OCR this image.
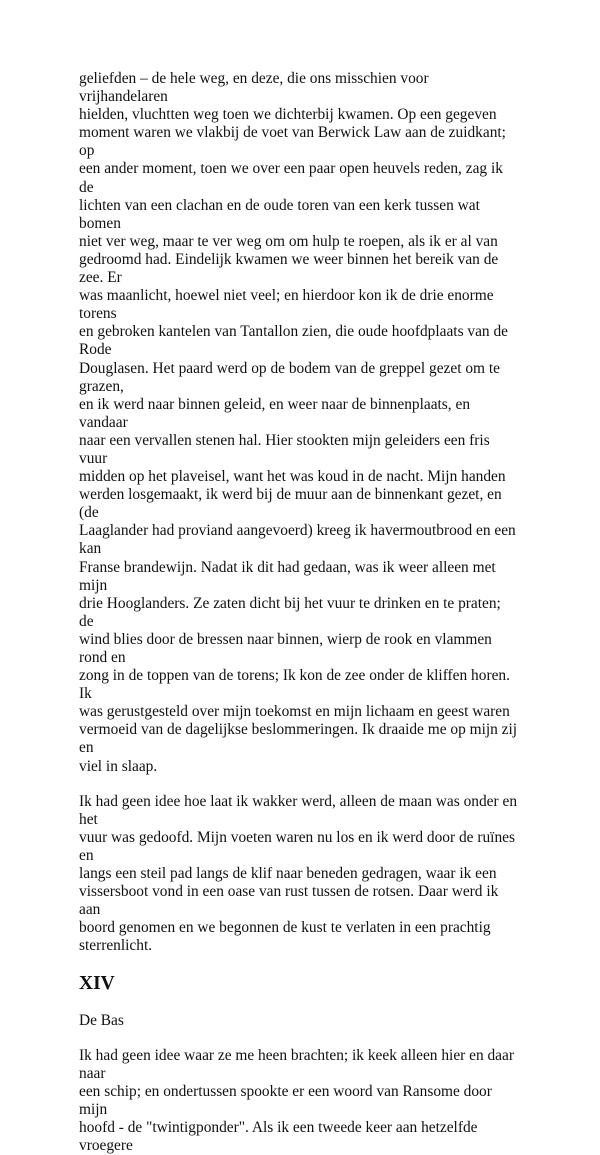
geliefden – de hele weg, en deze, die ons misschien voor vrijhandelaren
hielden, vluchtten weg toen we dichterbij kwamen. Op een gegeven
moment waren we vlakbij de voet van Berwick Law aan de zuidkant; op
een ander moment, toen we over een paar open heuvels reden, zag ik de
lichten van een clachan en de oude toren van een kerk tussen wat bomen
niet ver weg, maar te ver weg om om hulp te roepen, als ik er al van
gedroomd had. Eindelijk kwamen we weer binnen het bereik van de zee. Er
was maanlicht, hoewel niet veel; en hierdoor kon ik de drie enorme torens
en gebroken kantelen van Tantallon zien, die oude hoofdplaats van de Rode
Douglasen. Het paard werd op de bodem van de greppel gezet om te grazen,
en ik werd naar binnen geleid, en weer naar de binnenplaats, en vandaar
naar een vervallen stenen hal. Hier stookten mijn geleiders een fris vuur
midden op het plaveisel, want het was koud in de nacht. Mijn handen
werden losgemaakt, ik werd bij de muur aan de binnenkant gezet, en (de
Laaglander had proviand aangevoerd) kreeg ik havermoutbrood en een kan
Franse brandewijn. Nadat ik dit had gedaan, was ik weer alleen met mijn
drie Hooglanders. Ze zaten dicht bij het vuur te drinken en te praten; de
wind blies door de bressen naar binnen, wierp de rook en vlammen rond en
zong in de toppen van de torens; Ik kon de zee onder de kliffen horen. Ik
was gerustgesteld over mijn toekomst en mijn lichaam en geest waren
vermoeid van de dagelijkse beslommeringen. Ik draaide me op mijn zij en
viel in slaap.

Ik had geen idee hoe laat ik wakker werd, alleen de maan was onder en het
vuur was gedoofd. Mijn voeten waren nu los en ik werd door de ruïnes en
langs een steil pad langs de klif naar beneden gedragen, waar ik een
vissersboot vond in een oase van rust tussen de rotsen. Daar werd ik aan
boord genomen en we begonnen de kust te verlaten in een prachtig
sterrenlicht.

XIV

De Bas

Ik had geen idee waar ze me heen brachten; ik keek alleen hier en daar naar
een schip; en ondertussen spookte er een woord van Ransome door mijn
hoofd - de "twintigponder". Als ik een tweede keer aan hetzelfde vroegere
